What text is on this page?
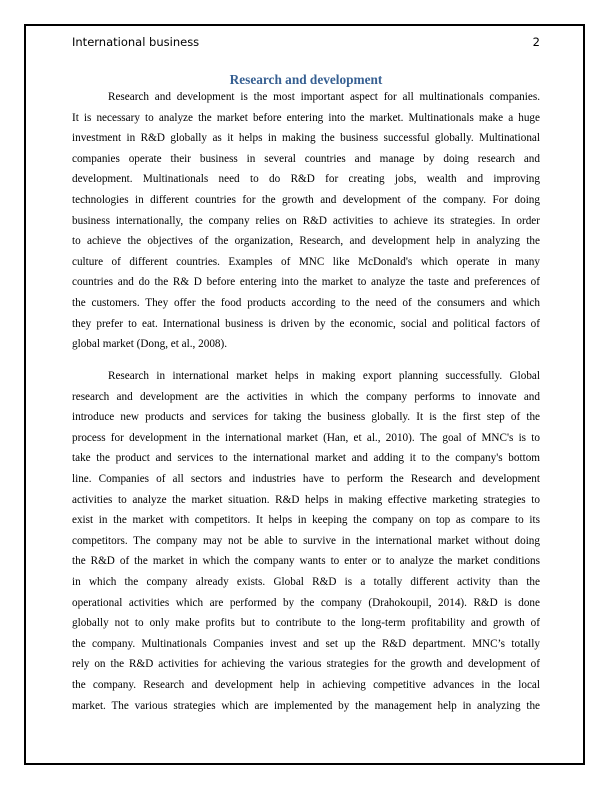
International business	2
Research and development
Research and development is the most important aspect for all multinationals companies.
It is necessary to analyze the market before entering into the market. Multinationals make a huge
investment in R&D globally as it helps in making the business successful globally. Multinational
companies operate their business in several countries and manage by doing research and
development. Multinationals need to do R&D for creating jobs, wealth and improving
technologies in different countries for the growth and development of the company. For doing
business internationally, the company relies on R&D activities to achieve its strategies. In order
to achieve the objectives of the organization, Research, and development help in analyzing the
culture of different countries. Examples of MNC like McDonald's which operate in many
countries and do the R& D before entering into the market to analyze the taste and preferences of
the customers. They offer the food products according to the need of the consumers and which
they prefer to eat. International business is driven by the economic, social and political factors of
global market (Dong, et al., 2008).
Research in international market helps in making export planning successfully. Global
research and development are the activities in which the company performs to innovate and
introduce new products and services for taking the business globally. It is the first step of the
process for development in the international market (Han, et al., 2010). The goal of MNC's is to
take the product and services to the international market and adding it to the company's bottom
line. Companies of all sectors and industries have to perform the Research and development
activities to analyze the market situation. R&D helps in making effective marketing strategies to
exist in the market with competitors. It helps in keeping the company on top as compare to its
competitors. The company may not be able to survive in the international market without doing
the R&D of the market in which the company wants to enter or to analyze the market conditions
in which the company already exists. Global R&D is a totally different activity than the
operational activities which are performed by the company (Drahokoupil, 2014). R&D is done
globally not to only make profits but to contribute to the long-term profitability and growth of
the company. Multinationals Companies invest and set up the R&D department. MNC’s totally
rely on the R&D activities for achieving the various strategies for the growth and development of
the company. Research and development help in achieving competitive advances in the local
market. The various strategies which are implemented by the management help in analyzing the
